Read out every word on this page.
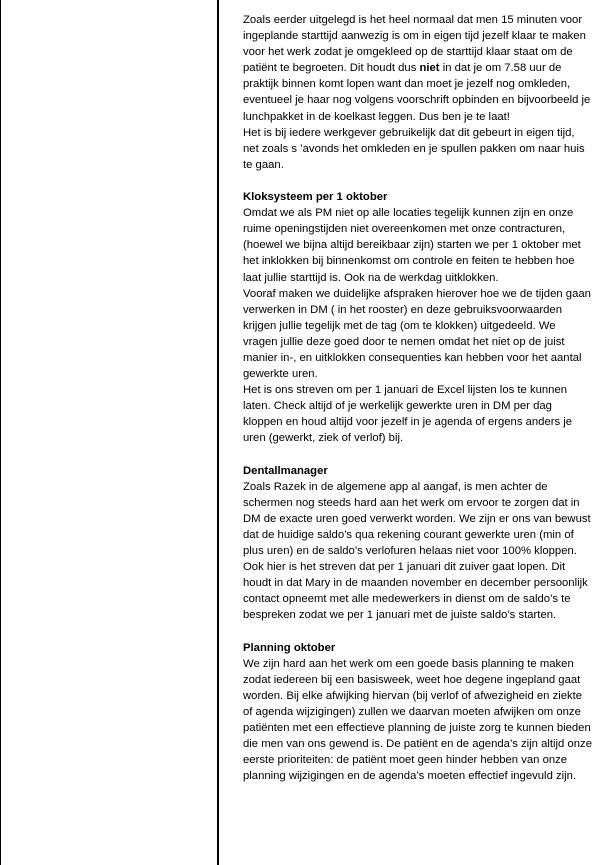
Zoals eerder uitgelegd is het heel normaal dat men 15 minuten voor ingeplande starttijd aanwezig is om in eigen tijd jezelf klaar te maken voor het werk zodat je omgekleed op de starttijd klaar staat om de patiënt te begroeten. Dit houdt dus niet in dat je om 7.58 uur de praktijk binnen komt lopen want dan moet je jezelf nog omkleden, eventueel je haar nog volgens voorschrift opbinden en bijvoorbeeld je lunchpakket in de koelkast leggen. Dus ben je te laat!

Het is bij iedere werkgever gebruikelijk dat dit gebeurt in eigen tijd, net zoals s ’avonds het omkleden en je spullen pakken om naar huis te gaan.

Kloksysteem per 1 oktober

Omdat we als PM niet op alle locaties tegelijk kunnen zijn en onze ruime openingstijden niet overeenkomen met onze contracturen, (hoewel we bijna altijd bereikbaar zijn) starten we per 1 oktober met het inklokken bij binnenkomst om controle en feiten te hebben hoe laat jullie starttijd is. Ook na de werkdag uitklokken.

Vooraf maken we duidelijke afspraken hierover hoe we de tijden gaan verwerken in DM ( in het rooster) en deze gebruiksvoorwaarden krijgen jullie tegelijk met de tag (om te klokken) uitgedeeld. We vragen jullie deze goed door te nemen omdat het niet op de juist manier in-, en uitklokken consequenties kan hebben voor het aantal gewerkte uren.

Het is ons streven om per 1 januari de Excel lijsten los te kunnen laten. Check altijd of je werkelijk gewerkte uren in DM per dag kloppen en houd altijd voor jezelf in je agenda of ergens anders je uren (gewerkt, ziek of verlof) bij.

Dentallmanager

Zoals Razek in de algemene app al aangaf, is men achter de schermen nog steeds hard aan het werk om ervoor te zorgen dat in DM de exacte uren goed verwerkt worden. We zijn er ons van bewust dat de huidige saldo’s qua rekening courant gewerkte uren (min of plus uren) en de saldo’s verlofuren helaas niet voor 100% kloppen.

Ook hier is het streven dat per 1 januari dit zuiver gaat lopen. Dit houdt in dat Mary in de maanden november en december persoonlijk contact opneemt met alle medewerkers in dienst om de saldo’s te bespreken zodat we per 1 januari met de juiste saldo’s starten.

Planning oktober

We zijn hard aan het werk om een goede basis planning te maken zodat iedereen bij een basisweek, weet hoe degene ingepland gaat worden. Bij elke afwijking hiervan (bij verlof of afwezigheid en ziekte of agenda wijzigingen) zullen we daarvan moeten afwijken om onze patiënten met een effectieve planning de juiste zorg te kunnen bieden die men van ons gewend is. De patiënt en de agenda’s zijn altijd onze eerste prioriteiten: de patiënt moet geen hinder hebben van onze planning wijzigingen en de agenda’s moeten effectief ingevuld zijn.
